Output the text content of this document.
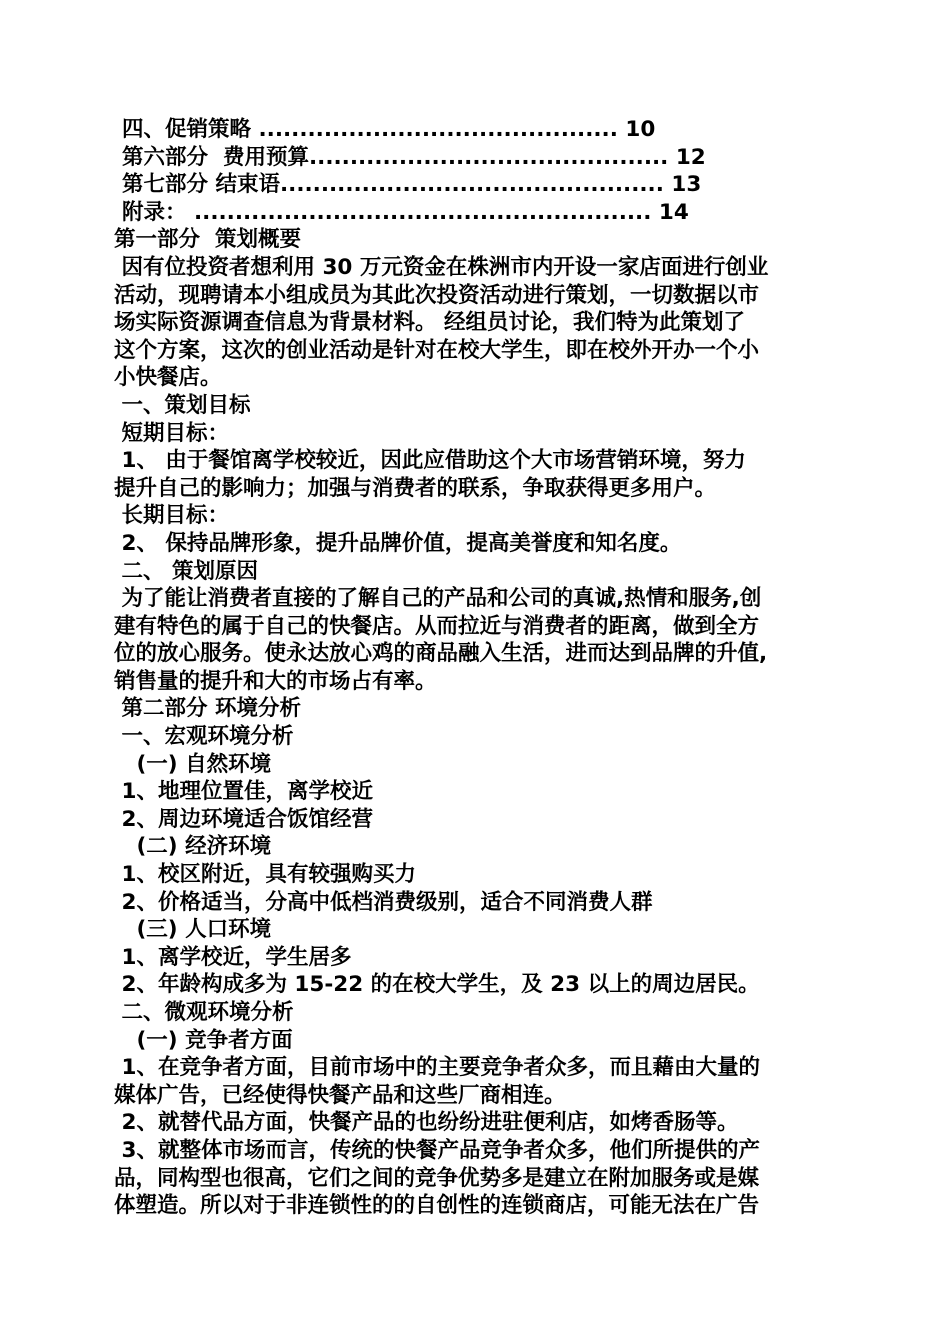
四、促销策略 ............................................ 10
第六部分  费用预算............................................ 12
第七部分 结束语............................................... 13
附录： ........................................................ 14
第一部分  策划概要
因有位投资者想利用 30 万元资金在株洲市内开设一家店面进行创业
活动，现聘请本小组成员为其此次投资活动进行策划，一切数据以市
场实际资源调查信息为背景材料。 经组员讨论，我们特为此策划了
这个方案，这次的创业活动是针对在校大学生，即在校外开办一个小
小快餐店。
一、策划目标
短期目标：
1、 由于餐馆离学校较近，因此应借助这个大市场营销环境，努力
提升自己的影响力；加强与消费者的联系，争取获得更多用户。
长期目标：
2、 保持品牌形象，提升品牌价值，提高美誉度和知名度。
二、 策划原因
为了能让消费者直接的了解自己的产品和公司的真诚,热情和服务,创
建有特色的属于自己的快餐店。从而拉近与消费者的距离，做到全方
位的放心服务。使永达放心鸡的商品融入生活，进而达到品牌的升值,
销售量的提升和大的市场占有率。
第二部分 环境分析
一、宏观环境分析
(一) 自然环境
1、地理位置佳，离学校近
2、周边环境适合饭馆经营
(二) 经济环境
1、校区附近，具有较强购买力
2、价格适当，分高中低档消费级别，适合不同消费人群
(三) 人口环境
1、离学校近，学生居多
2、年龄构成多为 15-22 的在校大学生，及 23 以上的周边居民。
二、微观环境分析
(一) 竞争者方面
1、在竞争者方面，目前市场中的主要竞争者众多，而且藉由大量的
媒体广告，已经使得快餐产品和这些厂商相连。
2、就替代品方面，快餐产品的也纷纷进驻便利店，如烤香肠等。
3、就整体市场而言，传统的快餐产品竞争者众多，他们所提供的产
品，同构型也很高，它们之间的竞争优势多是建立在附加服务或是媒
体塑造。所以对于非连锁性的的自创性的连锁商店，可能无法在广告
